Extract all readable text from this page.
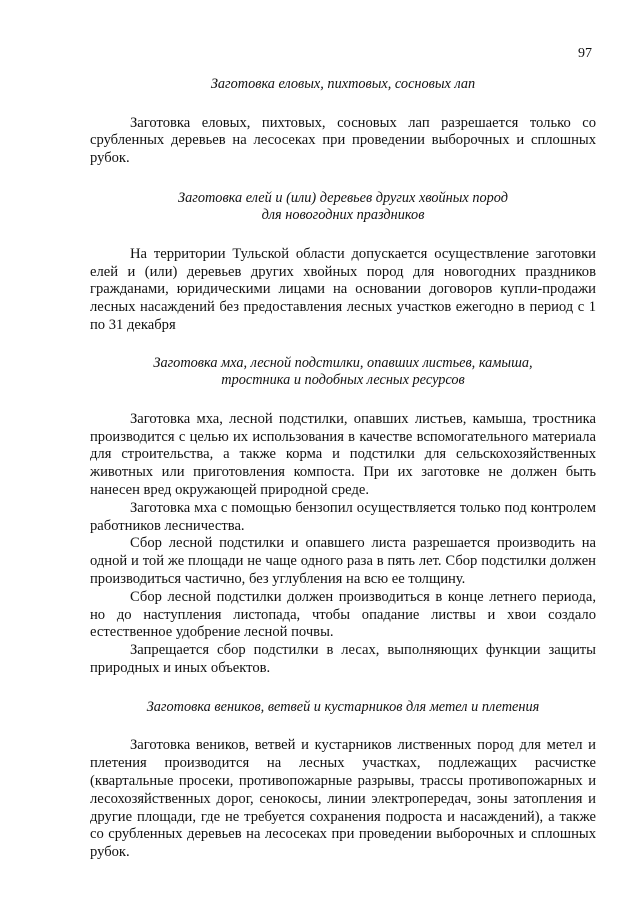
97

Заготовка еловых, пихтовых, сосновых лап

Заготовка еловых, пихтовых, сосновых лап разрешается только со срубленных деревьев на лесосеках при проведении выборочных и сплошных рубок.

Заготовка елей и (или) деревьев других хвойных пород
для новогодних праздников

На территории Тульской области допускается осуществление заготовки елей и (или) деревьев других хвойных пород для новогодних праздников гражданами, юридическими лицами на основании договоров купли-продажи лесных насаждений без предоставления лесных участков ежегодно в период с 1 по 31 декабря

Заготовка мха, лесной подстилки, опавших листьев, камыша,
тростника и подобных лесных ресурсов

Заготовка мха, лесной подстилки, опавших листьев, камыша, тростника производится с целью их использования в качестве вспомогательного материала для строительства, а также корма и подстилки для сельскохозяйственных животных или приготовления компоста. При их заготовке не должен быть нанесен вред окружающей природной среде.

Заготовка мха с помощью бензопил осуществляется только под контролем работников лесничества.

Сбор лесной подстилки и опавшего листа разрешается производить на одной и той же площади не чаще одного раза в пять лет. Сбор подстилки должен производиться частично, без углубления на всю ее толщину.

Сбор лесной подстилки должен производиться в конце летнего периода, но до наступления листопада, чтобы опадание листвы и хвои создало естественное удобрение лесной почвы.

Запрещается сбор подстилки в лесах, выполняющих функции защиты природных и иных объектов.

Заготовка веников, ветвей и кустарников для метел и плетения

Заготовка веников, ветвей и кустарников лиственных пород для метел и плетения производится на лесных участках, подлежащих расчистке (квартальные просеки, противопожарные разрывы, трассы противопожарных и лесохозяйственных дорог, сенокосы, линии электропередач, зоны затопления и другие площади, где не требуется сохранения подроста и насаждений), а также со срубленных деревьев на лесосеках при проведении выборочных и сплошных рубок.
